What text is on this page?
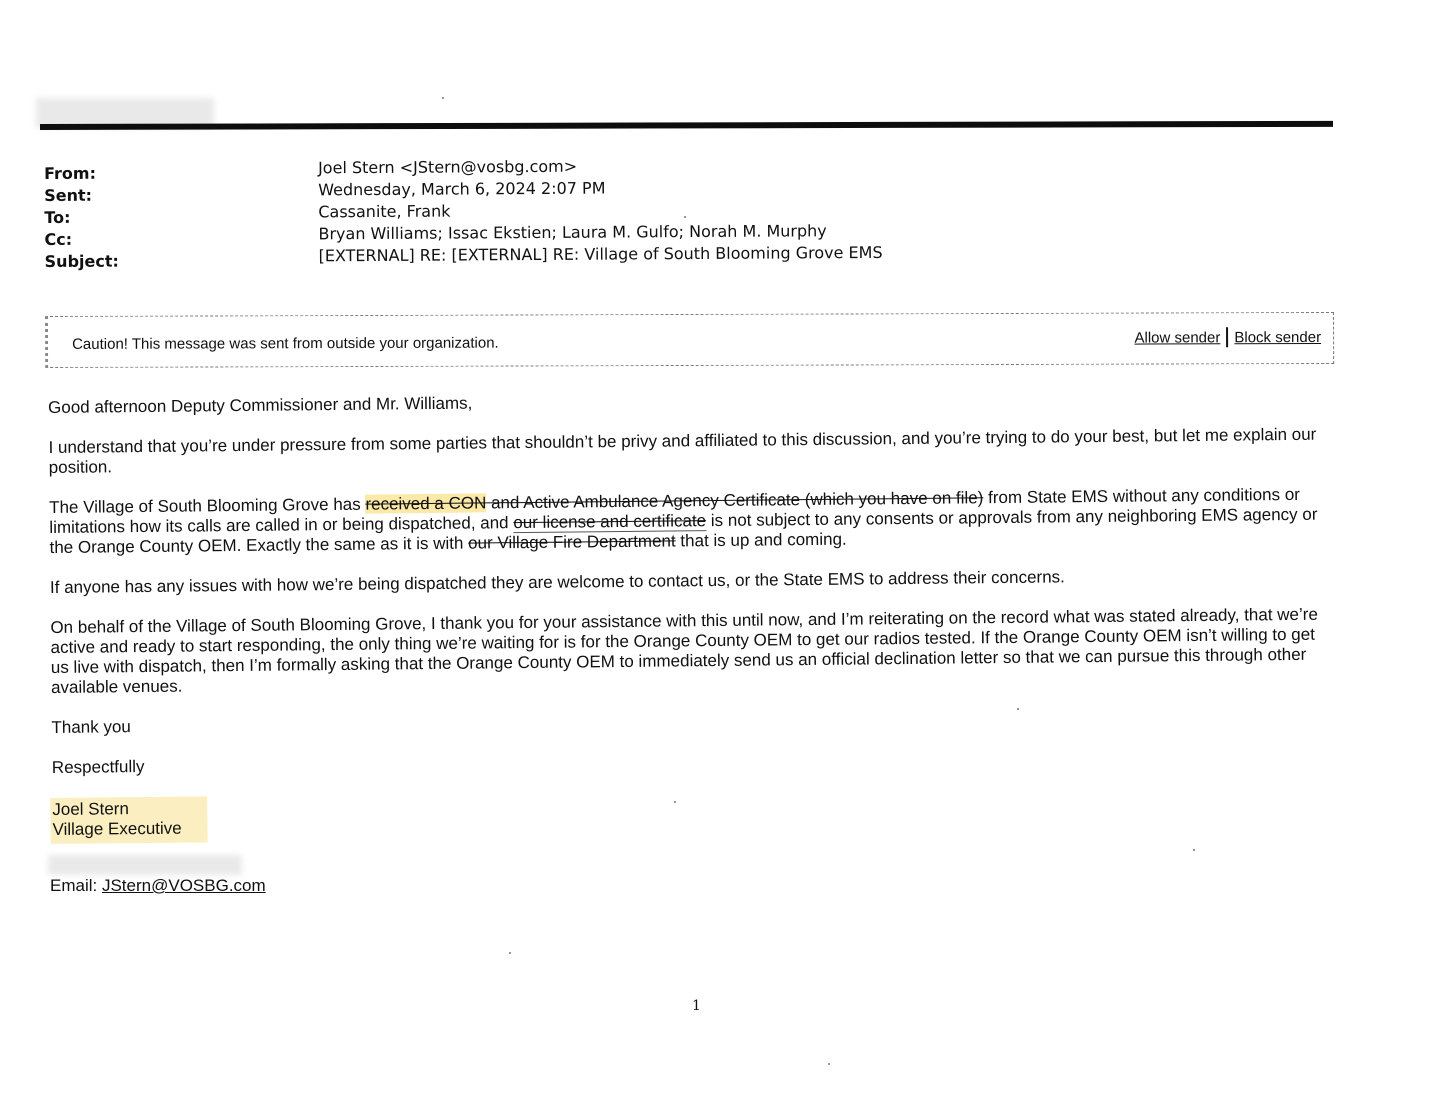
From:	Joel Stern <JStern@vosbg.com>
Sent:	Wednesday, March 6, 2024 2:07 PM
To:	Cassanite, Frank
Cc:	Bryan Williams; Issac Ekstien; Laura M. Gulfo; Norah M. Murphy
Subject:	[EXTERNAL] RE: [EXTERNAL] RE: Village of South Blooming Grove EMS
Caution! This message was sent from outside your organization.	Allow sender Block sender

Good afternoon Deputy Commissioner and Mr. Williams,

I understand that you’re under pressure from some parties that shouldn’t be privy and affiliated to this discussion, and you’re trying to do your best, but let me explain our position.

The Village of South Blooming Grove has received a CON and Active Ambulance Agency Certificate (which you have on file) from State EMS without any conditions or limitations how its calls are called in or being dispatched, and our license and certificate is not subject to any consents or approvals from any neighboring EMS agency or the Orange County OEM. Exactly the same as it is with our Village Fire Department that is up and coming.

If anyone has any issues with how we’re being dispatched they are welcome to contact us, or the State EMS to address their concerns.

On behalf of the Village of South Blooming Grove, I thank you for your assistance with this until now, and I’m reiterating on the record what was stated already, that we’re active and ready to start responding, the only thing we’re waiting for is for the Orange County OEM to get our radios tested. If the Orange County OEM isn’t willing to get us live with dispatch, then I’m formally asking that the Orange County OEM to immediately send us an official declination letter so that we can pursue this through other available venues.

Thank you

Respectfully

Joel Stern
Village Executive
Email: JStern@VOSBG.com
1
